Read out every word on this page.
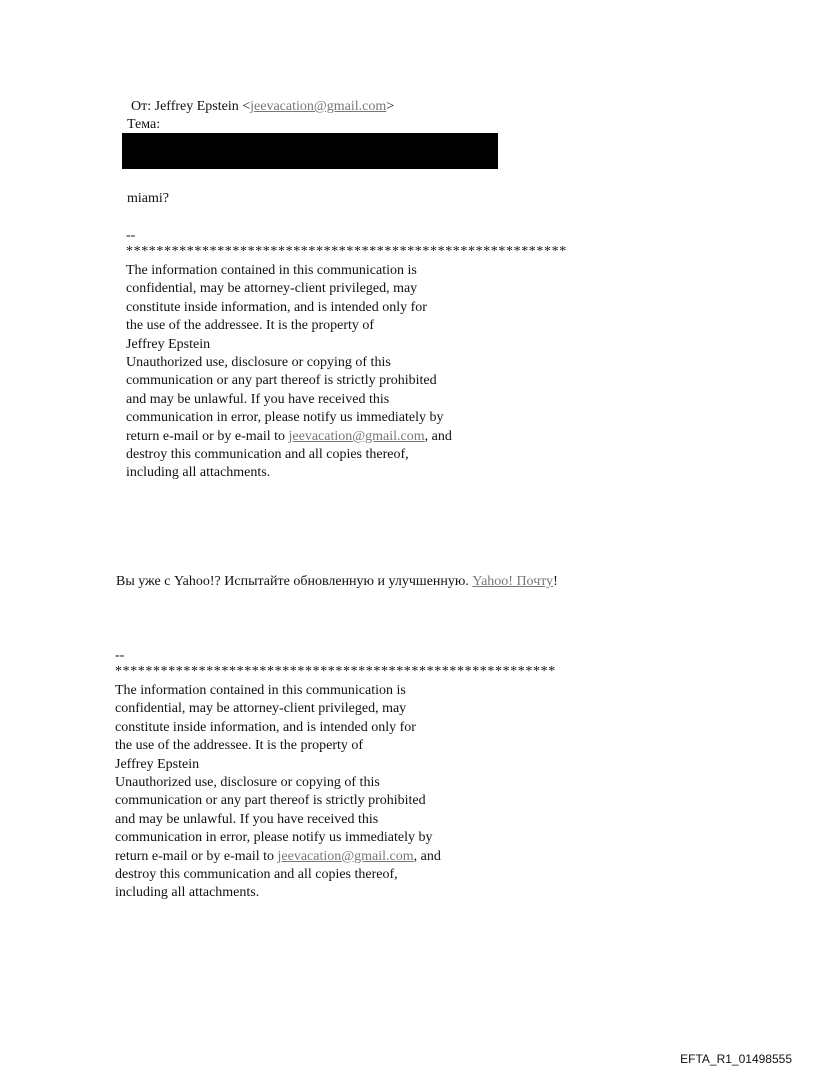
От: Jeffrey Epstein <jeevacation@gmail.com>
Тема:
miami?
--
**********************************************************
The information contained in this communication is
confidential, may be attorney-client privileged, may
constitute inside information, and is intended only for
the use of the addressee. It is the property of
Jeffrey Epstein
Unauthorized use, disclosure or copying of this
communication or any part thereof is strictly prohibited
and may be unlawful. If you have received this
communication in error, please notify us immediately by
return e-mail or by e-mail to jeevacation@gmail.com, and
destroy this communication and all copies thereof,
including all attachments.
Вы уже с Yahoo!? Испытайте обновленную и улучшенную. Yahoo! Почту!
--
**********************************************************
The information contained in this communication is
confidential, may be attorney-client privileged, may
constitute inside information, and is intended only for
the use of the addressee. It is the property of
Jeffrey Epstein
Unauthorized use, disclosure or copying of this
communication or any part thereof is strictly prohibited
and may be unlawful. If you have received this
communication in error, please notify us immediately by
return e-mail or by e-mail to jeevacation@gmail.com, and
destroy this communication and all copies thereof,
including all attachments.
EFTA_R1_01498555
